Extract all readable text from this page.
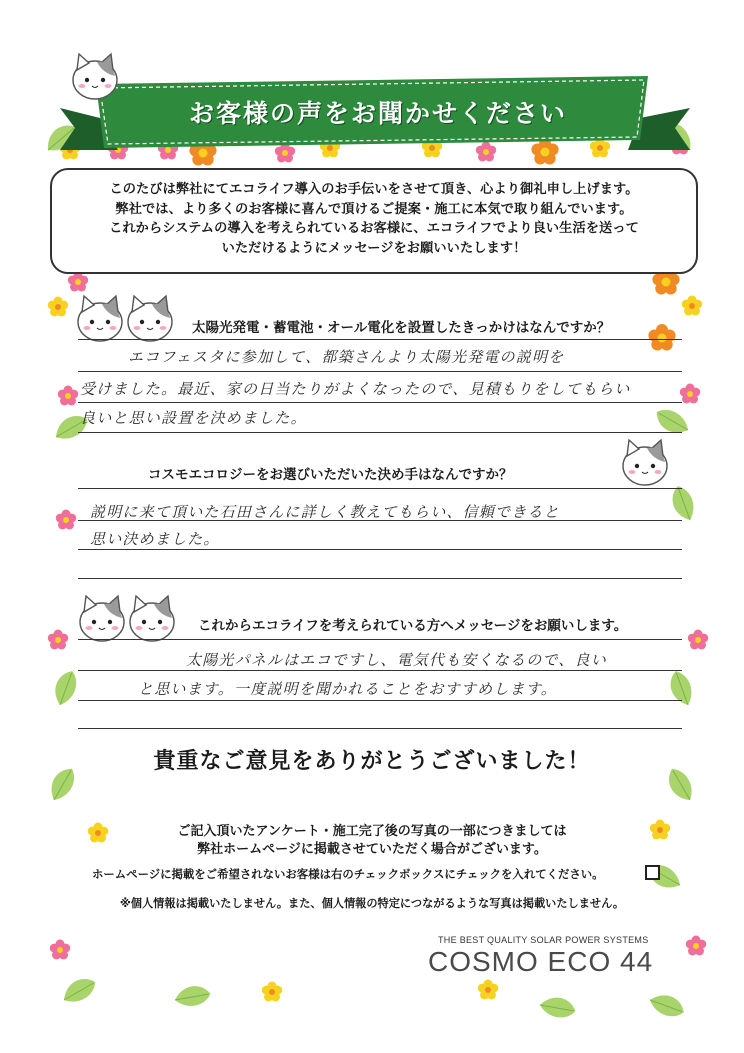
お客様の声をお聞かせください
このたびは弊社にてエコライフ導入のお手伝いをさせて頂き、心より御礼申し上げます。
弊社では、より多くのお客様に喜んで頂けるご提案・施工に本気で取り組んでいます。
これからシステムの導入を考えられているお客様に、エコライフでより良い生活を送って
いただけるようにメッセージをお願いいたします！
太陽光発電・蓄電池・オール電化を設置したきっかけはなんですか？
エコフェスタに参加して、都築さんより太陽光発電の説明を
受けました。最近、家の日当たりがよくなったので、見積もりをしてもらい
良いと思い設置を決めました。
コスモエコロジーをお選びいただいた決め手はなんですか？
説明に来て頂いた石田さんに詳しく教えてもらい、信頼できると
思い決めました。
これからエコライフを考えられている方へメッセージをお願いします。
太陽光パネルはエコですし、電気代も安くなるので、良い
と思います。一度説明を聞かれることをおすすめします。
貴重なご意見をありがとうございました！
ご記入頂いたアンケート・施工完了後の写真の一部につきましては
弊社ホームページに掲載させていただく場合がございます。
ホームページに掲載をご希望されないお客様は右のチェックボックスにチェックを入れてください。
※個人情報は掲載いたしません。また、個人情報の特定につながるような写真は掲載いたしません。
THE BEST QUALITY SOLAR POWER SYSTEMS
COSMO ECO 44
